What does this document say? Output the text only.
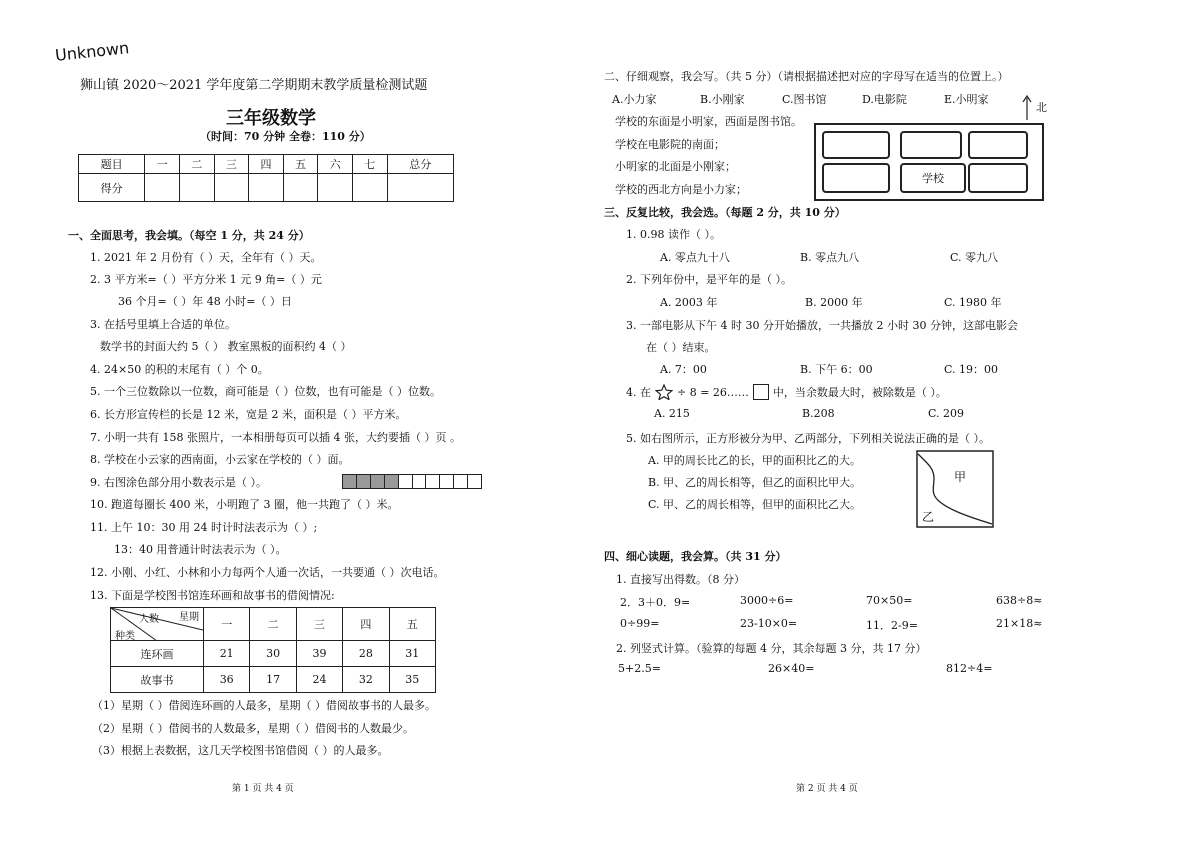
Unknown
狮山镇 2020～2021 学年度第二学期期末教学质量检测试题
三年级数学
（时间：70 分钟 全卷：110 分）
题目	一	二	三	四	五	六	七	总分
得分								
一、全面思考，我会填。（每空 1 分，共 24 分）
1. 2021 年 2 月份有（ ）天，全年有（ ）天。
2. 3 平方米=（ ）平方分米 1 元 9 角=（ ）元
36 个月=（ ）年 48 小时=（ ）日
3. 在括号里填上合适的单位。
数学书的封面大约 5（ ） 教室黑板的面积约 4（ ）
4. 24×50 的积的末尾有（ ）个 0。
5. 一个三位数除以一位数，商可能是（ ）位数，也有可能是（ ）位数。
6. 长方形宣传栏的长是 12 米，宽是 2 米，面积是（ ）平方米。
7. 小明一共有 158 张照片，一本相册每页可以插 4 张，大约要插（ ）页 。
8. 学校在小云家的西南面，小云家在学校的（ ）面。
9. 右图涂色部分用小数表示是（ ）。
10. 跑道每圈长 400 米，小明跑了 3 圈，他一共跑了（ ）米。
11. 上午 10：30 用 24 时计时法表示为（ ）;
13：40 用普通计时法表示为（ ）。
12. 小刚、小红、小林和小力每两个人通一次话，一共要通（ ）次电话。
13. 下面是学校图书馆连环画和故事书的借阅情况:
星期
人数
种类	一	二	三	四	五
连环画	21	30	39	28	31
故事书	36	17	24	32	35
（1）星期（ ）借阅连环画的人最多，星期（ ）借阅故事书的人最多。
（2）星期（ ）借阅书的人数最多，星期（ ）借阅书的人数最少。
（3）根据上表数据，这几天学校图书馆借阅（ ）的人最多。
第 1 页 共 4 页
二、仔细观察，我会写。（共 5 分）（请根据描述把对应的字母写在适当的位置上。）
A.小力家	B.小刚家	C.图书馆	D.电影院	E.小明家
北
学校的东面是小明家，西面是图书馆。
学校在电影院的南面；
小明家的北面是小刚家；
学校的西北方向是小力家；
学校
三、反复比较，我会选。（每题 2 分，共 10 分）
1. 0.98 读作（ ）。
A. 零点九十八	B. 零点九八	C. 零九八
2. 下列年份中，是平年的是（ ）。
A. 2003 年	B. 2000 年	C. 1980 年
3. 一部电影从下午 4 时 30 分开始播放，一共播放 2 小时 30 分钟，这部电影会
在（ ）结束。
A. 7：00	B. 下午 6：00	C. 19：00
4. 在 ÷ 8 = 26…… 中，当余数最大时，被除数是（ ）。
A. 215	B.208	C. 209
5. 如右图所示，正方形被分为甲、乙两部分，下列相关说法正确的是（ ）。
A. 甲的周长比乙的长，甲的面积比乙的大。
B. 甲、乙的周长相等，但乙的面积比甲大。
C. 甲、乙的周长相等，但甲的面积比乙大。
甲
乙
四、细心读题，我会算。（共 31 分）
1. 直接写出得数。（8 分）
2．3＋0．9=	3000÷6=	70×50=	638÷8≈
0÷99=	23-10×0=	11．2-9=	21×18≈
2. 列竖式计算。（验算的每题 4 分，其余每题 3 分，共 17 分）
5+2.5=	26×40=	812÷4=
第 2 页 共 4 页
